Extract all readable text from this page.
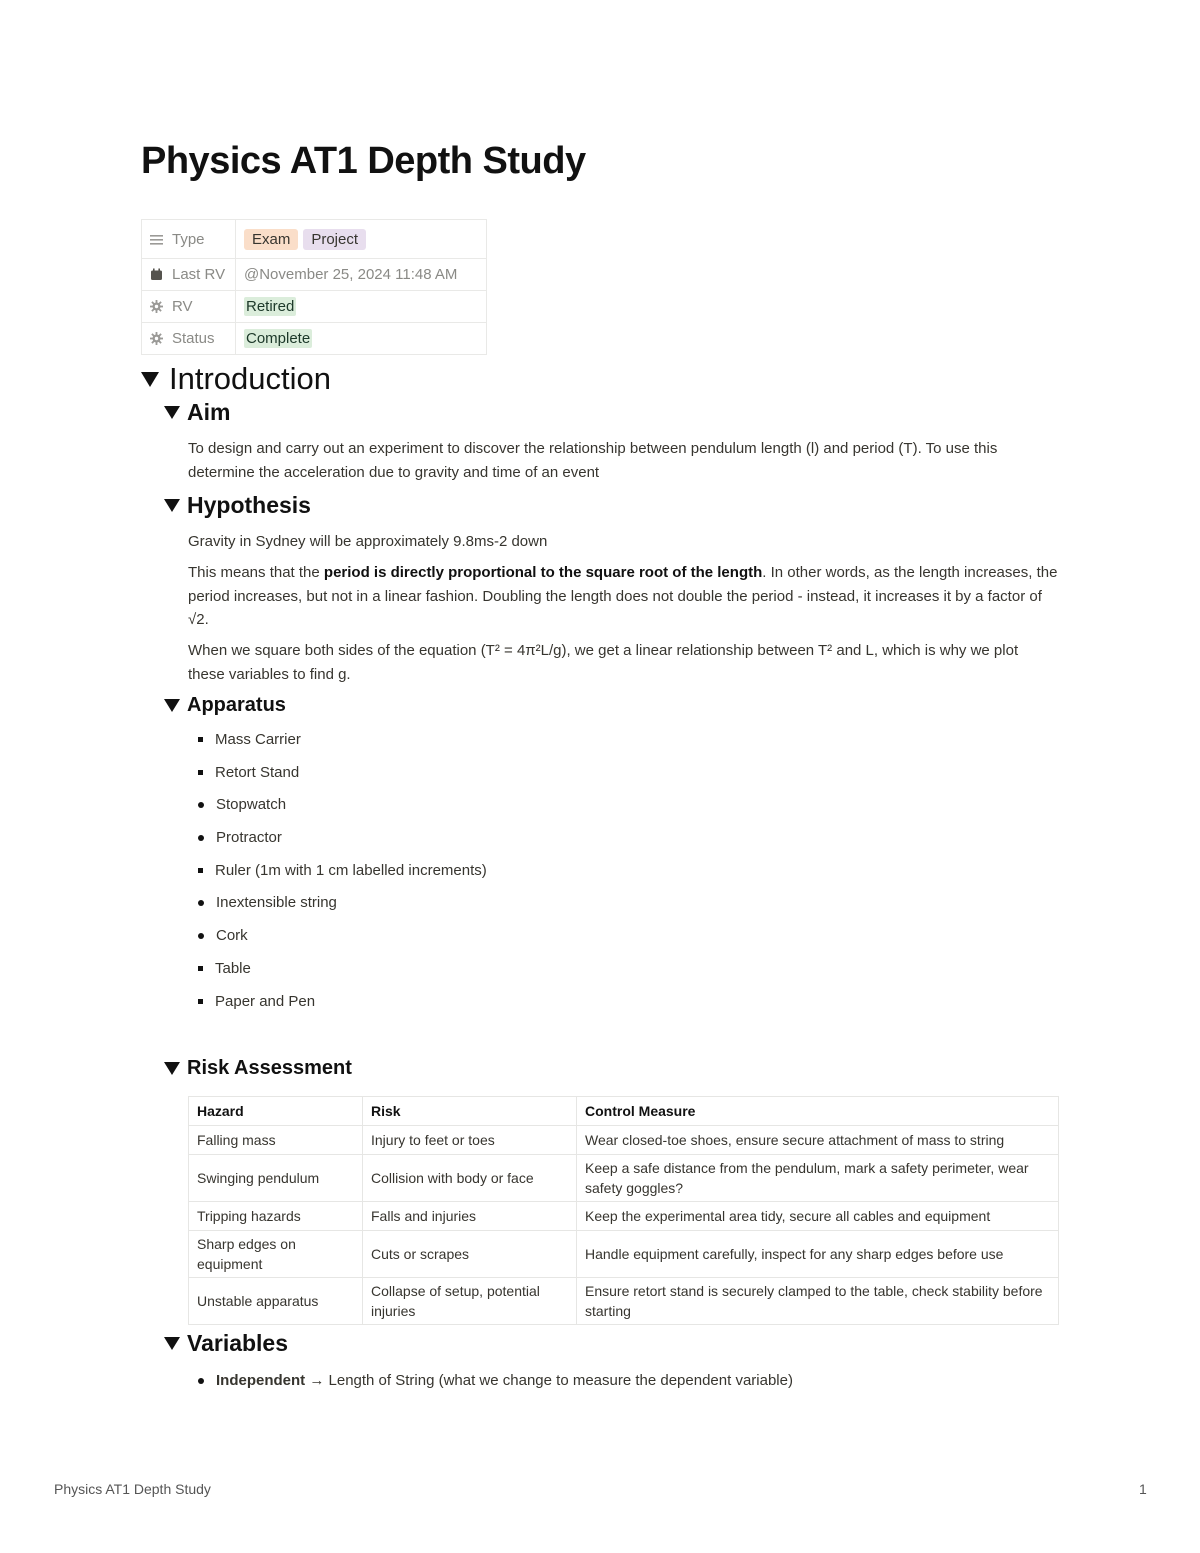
Physics AT1 Depth Study
Type	Exam Project
Last RV	@November 25, 2024 11:48 AM
RV	Retired
Status	Complete
Introduction
Aim

To design and carry out an experiment to discover the relationship between pendulum length (l) and period (T). To use this determine the acceleration due to gravity and time of an event

Hypothesis

Gravity in Sydney will be approximately 9.8ms-2 down

This means that the period is directly proportional to the square root of the length. In other words, as the length increases, the period increases, but not in a linear fashion. Doubling the length does not double the period - instead, it increases it by a factor of √2.

When we square both sides of the equation (T² = 4π²L/g), we get a linear relationship between T² and L, which is why we plot these variables to find g.

Apparatus
Mass Carrier
Retort Stand
Stopwatch
Protractor
Ruler (1m with 1 cm labelled increments)
Inextensible string
Cork
Table
Paper and Pen
Risk Assessment
Hazard	Risk	Control Measure
Falling mass	Injury to feet or toes	Wear closed-toe shoes, ensure secure attachment of mass to string
Swinging pendulum	Collision with body or face	Keep a safe distance from the pendulum, mark a safety perimeter, wear safety goggles?
Tripping hazards	Falls and injuries	Keep the experimental area tidy, secure all cables and equipment
Sharp edges on equipment	Cuts or scrapes	Handle equipment carefully, inspect for any sharp edges before use
Unstable apparatus	Collapse of setup, potential injuries	Ensure retort stand is securely clamped to the table, check stability before starting
Variables
Independent → Length of String (what we change to measure the dependent variable)
Physics AT1 Depth Study	1
